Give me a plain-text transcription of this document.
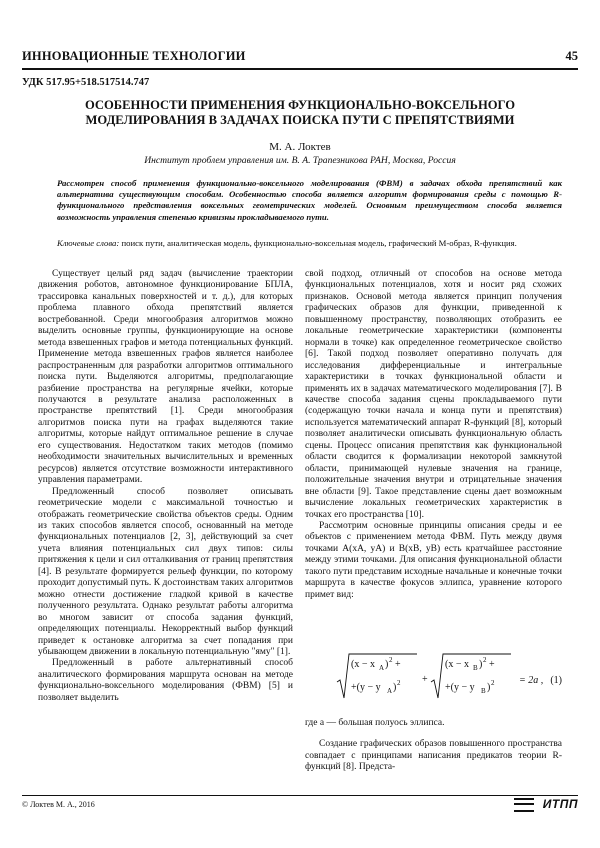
ИННОВАЦИОННЫЕ ТЕХНОЛОГИИ	45
УДК 517.95+518.517514.747
ОСОБЕННОСТИ ПРИМЕНЕНИЯ ФУНКЦИОНАЛЬНО-ВОКСЕЛЬНОГО МОДЕЛИРОВАНИЯ В ЗАДАЧАХ ПОИСКА ПУТИ С ПРЕПЯТСТВИЯМИ
М. А. Локтев
Институт проблем управления им. В. А. Трапезникова РАН, Москва, Россия
Рассмотрен способ применения функционально-воксельного моделирования (ФВМ) в задачах обхода препятствий как альтернатива существующим способам. Особенностью способа является алгоритм формирования среды с помощью R-функционального представления воксельных геометрических моделей. Основным преимуществом способа является возможность управления степенью кривизны прокладываемого пути.
Ключевые слова: поиск пути, аналитическая модель, функционально-воксельная модель, графический M-образ, R-функция.

Существует целый ряд задач (вычисление траектории движения роботов, автономное функционирование БПЛА, трассировка канальных поверхностей и т. д.), для которых проблема плавного обхода препятствий является востребованной. Среди многообразия алгоритмов можно выделить основные группы, функционирующие на основе метода взвешенных графов и метода потенциальных функций. Применение метода взвешенных графов является наиболее распространенным для разработки алгоритмов оптимального поиска пути. Выделяются алгоритмы, предполагающие разбиение пространства на регулярные ячейки, которые получаются в результате анализа расположенных в пространстве препятствий [1]. Среди многообразия алгоритмов поиска пути на графах выделяются такие алгоритмы, которые найдут оптимальное решение в случае его существования. Недостатком таких методов (помимо необходимости значительных вычислительных и временных ресурсов) является отсутствие возможности интерактивного управления параметрами.

Предложенный способ позволяет описывать геометрические модели с максимальной точностью и отображать геометрические свойства объектов среды. Одним из таких способов является способ, основанный на методе функциональных потенциалов [2, 3], действующий за счет учета влияния потенциальных сил двух типов: силы притяжения к цели и сил отталкивания от границ препятствия [4]. В результате формируется рельеф функции, по которому проходит допустимый путь. К достоинствам таких алгоритмов можно отнести достижение гладкой кривой в качестве полученного результата. Однако результат работы алгоритма во многом зависит от способа задания функций, определяющих потенциалы. Некорректный выбор функций приведет к остановке алгоритма за счет попадания при убывающем движении в локальную потенциальную "яму" [1].

Предложенный в работе альтернативный способ аналитического формирования маршрута основан на методе функционально-воксельного моделирования (ФВМ) [5] и позволяет выделить

свой подход, отличный от способов на основе метода функциональных потенциалов, хотя и носит ряд схожих признаков. Основой метода является принцип получения графических образов для функции, приведенной к повышенному пространству, позволяющих отобразить ее локальные геометрические характеристики (компоненты нормали в точке) как определенное геометрическое свойство [6]. Такой подход позволяет оперативно получать для исследования дифференциальные и интегральные характеристики в точках функциональной области и применять их в задачах математического моделирования [7]. В качестве способа задания сцены прокладываемого пути (содержащую точки начала и конца пути и препятствия) используется математический аппарат R-функций [8], который позволяет аналитически описывать функциональную область сцены. Процесс описания препятствия как функциональной области сводится к формализации некоторой замкнутой области, принимающей нулевые значения на границе, положительные значения внутри и отрицательные значения вне области [9]. Такое представление сцены дает возможным вычисление локальных геометрических характеристик в точках его пространства [10].

Рассмотрим основные принципы описания среды и ее объектов с применением метода ФВМ. Путь между двумя точками A(xA, yA) и B(xB, yB) есть кратчайшее расстояние между этими точками. Для описания функциональной области такого пути представим исходные начальные и конечные точки маршрута в качестве фокусов эллипса, уравнение которого примет вид:

(x − x A ) 2 +
+(y − y A ) 2 +
(x − x B ) 2 +
+(y − y B ) 2 = 2a , (1)

где a — большая полуось эллипса.

Создание графических образов повышенного пространства совпадает с принципами написания предикатов теории R-функций [8]. Предста-

© Локтев М. А., 2016	ИТПП
